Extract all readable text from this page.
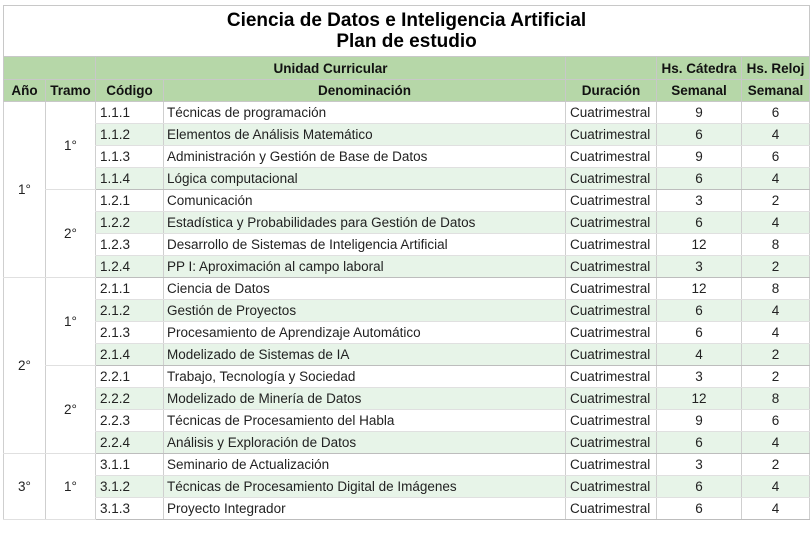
Ciencia de Datos e Inteligencia Artificial
Plan de estudio						

		Unidad Curricular			Hs. Cátedra	Hs. Reloj
Año	Tramo	Código	Denominación	Duración	Semanal	Semanal
1°	1°	1.1.1	Técnicas de programación	Cuatrimestral	9	6
		1.1.2	Elementos de Análisis Matemático	Cuatrimestral	6	4
		1.1.3	Administración y Gestión de Base de Datos	Cuatrimestral	9	6
		1.1.4	Lógica computacional	Cuatrimestral	6	4
	2°	1.2.1	Comunicación	Cuatrimestral	3	2
		1.2.2	Estadística y Probabilidades para Gestión de Datos	Cuatrimestral	6	4
		1.2.3	Desarrollo de Sistemas de Inteligencia Artificial	Cuatrimestral	12	8
		1.2.4	PP I: Aproximación al campo laboral	Cuatrimestral	3	2
2°	1°	2.1.1	Ciencia de Datos	Cuatrimestral	12	8
		2.1.2	Gestión de Proyectos	Cuatrimestral	6	4
		2.1.3	Procesamiento de Aprendizaje Automático	Cuatrimestral	6	4
		2.1.4	Modelizado de Sistemas de IA	Cuatrimestral	4	2
	2°	2.2.1	Trabajo, Tecnología y Sociedad	Cuatrimestral	3	2
		2.2.2	Modelizado de Minería de Datos	Cuatrimestral	12	8
		2.2.3	Técnicas de Procesamiento del Habla	Cuatrimestral	9	6
		2.2.4	Análisis y Exploración de Datos	Cuatrimestral	6	4
3°	1°	3.1.1	Seminario de Actualización	Cuatrimestral	3	2
		3.1.2	Técnicas de Procesamiento Digital de Imágenes	Cuatrimestral	6	4
		3.1.3	Proyecto Integrador	Cuatrimestral	6	4
